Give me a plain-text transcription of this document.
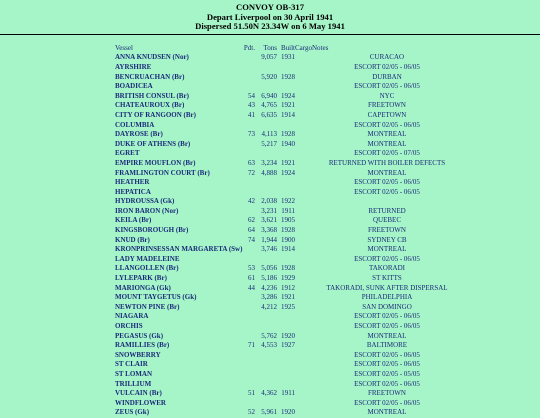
CONVOY OB-317
Depart Liverpool on 30 April 1941
Dispersed 51.50N 23.34W on 6 May 1941
Vessel	Pdt.	Tons	Built	Cargo	Notes
ANNA KNUDSEN (Nor)		9,057	1931		CURACAO
AYRSHIRE					ESCORT 02/05 - 06/05
BENCRUACHAN (Br)		5,920	1928		DURBAN
BOADICEA					ESCORT 02/05 - 06/05
BRITISH CONSUL (Br)	54	6,940	1924		NYC
CHATEAUROUX (Br)	43	4,765	1921		FREETOWN
CITY OF RANGOON (Br)	41	6,635	1914		CAPETOWN
COLUMBIA					ESCORT 02/05 - 06/05
DAYROSE (Br)	73	4,113	1928		MONTREAL
DUKE OF ATHENS (Br)		5,217	1940		MONTREAL
EGRET					ESCORT 02/05 - 07/05
EMPIRE MOUFLON (Br)	63	3,234	1921		RETURNED WITH BOILER DEFECTS
FRAMLINGTON COURT (Br)	72	4,888	1924		MONTREAL
HEATHER					ESCORT 02/05 - 06/05
HEPATICA					ESCORT 02/05 - 06/05
HYDROUSSA (Gk)	42	2,038	1922		
IRON BARON (Nor)		3,231	1911		RETURNED
KEILA (Br)	62	3,621	1905		QUEBEC
KINGSBOROUGH (Br)	64	3,368	1928		FREETOWN
KNUD (Br)	74	1,944	1900		SYDNEY CB
KRONPRINSESSAN MARGARETA (Sw)		3,746	1914		MONTREAL
LADY MADELEINE					ESCORT 02/05 - 06/05
LLANGOLLEN (Br)	53	5,056	1928		TAKORADI
LYLEPARK (Br)	61	5,186	1929		ST KITTS
MARIONGA (Gk)	44	4,236	1912		TAKORADI, SUNK AFTER DISPERSAL
MOUNT TAYGETUS (Gk)		3,286	1921		PHILADELPHIA
NEWTON PINE (Br)		4,212	1925		SAN DOMINGO
NIAGARA					ESCORT 02/05 - 06/05
ORCHIS					ESCORT 02/05 - 06/05
PEGASUS (Gk)		5,762	1920		MONTREAL
RAMILLIES (Br)	71	4,553	1927		BALTIMORE
SNOWBERRY					ESCORT 02/05 - 06/05
ST CLAIR					ESCORT 02/05 - 06/05
ST LOMAN					ESCORT 02/05 - 05/05
TRILLIUM					ESCORT 02/05 - 06/05
VULCAIN (Br)	51	4,362	1911		FREETOWN
WINDFLOWER					ESCORT 02/05 - 06/05
ZEUS (Gk)	52	5,961	1920		MONTREAL
